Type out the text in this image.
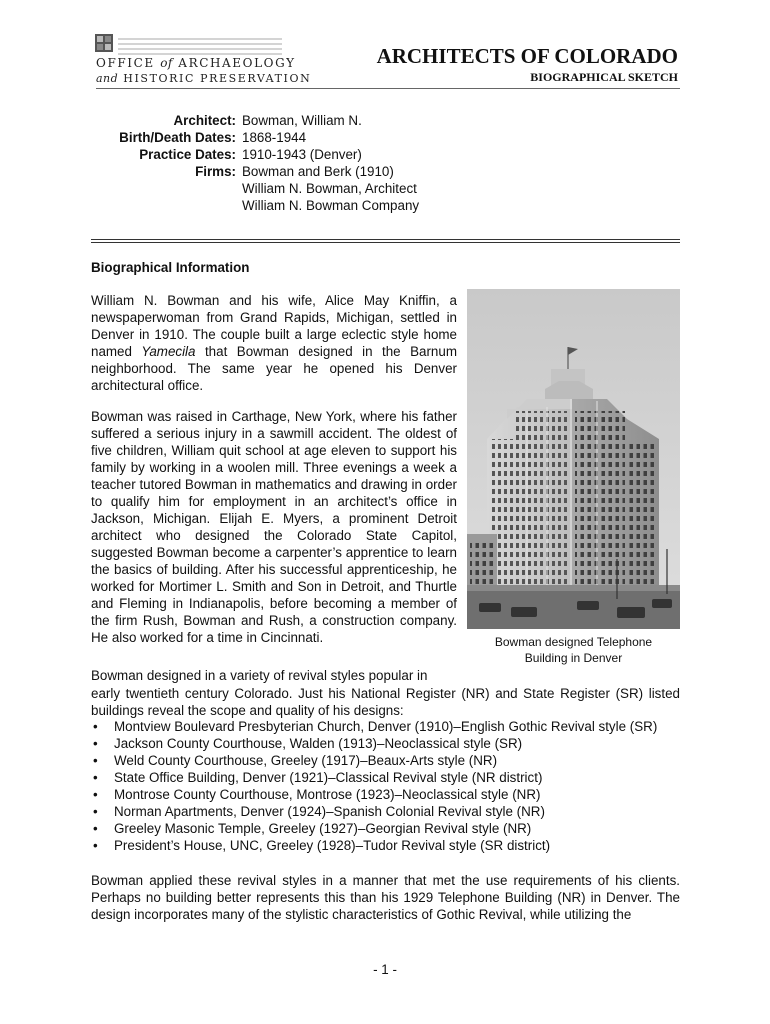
OFFICE of ARCHAEOLOGY
and HISTORIC PRESERVATION
ARCHITECTS OF COLORADO
BIOGRAPHICAL SKETCH
Architect:	Bowman, William N.
Birth/Death Dates:	1868-1944
Practice Dates:	1910-1943 (Denver)
Firms:	Bowman and Berk (1910)
	William N. Bowman, Architect
	William N. Bowman Company
Biographical Information
William N. Bowman and his wife, Alice May Kniffin, a newspaperwoman from Grand Rapids, Michigan, settled in Denver in 1910. The couple built a large eclectic style home named Yamecila that Bowman designed in the Barnum neighborhood. The same year he opened his Denver architectural office.
Bowman was raised in Carthage, New York, where his father suffered a serious injury in a sawmill accident. The oldest of five children, William quit school at age eleven to support his family by working in a woolen mill. Three evenings a week a teacher tutored Bowman in mathematics and drawing in order to qualify him for employment in an architect’s office in Jackson, Michigan. Elijah E. Myers, a prominent Detroit architect who designed the Colorado State Capitol, suggested Bowman become a carpenter’s apprentice to learn the basics of building. After his successful apprenticeship, he worked for Mortimer L. Smith and Son in Detroit, and Thurtle and Fleming in Indianapolis, before becoming a member of the firm Rush, Bowman and Rush, a construction company. He also worked for a time in Cincinnati.	Bowman designed Telephone
Building in Denver
Bowman designed in a variety of revival styles popular in
early twentieth century Colorado. Just his National Register (NR) and State Register (SR) listed buildings reveal the scope and quality of his designs:
• Montview Boulevard Presbyterian Church, Denver (1910)–English Gothic Revival style (SR)
• Jackson County Courthouse, Walden (1913)–Neoclassical style (SR)
• Weld County Courthouse, Greeley (1917)–Beaux-Arts style (NR)
• State Office Building, Denver (1921)–Classical Revival style (NR district)
• Montrose County Courthouse, Montrose (1923)–Neoclassical style (NR)
• Norman Apartments, Denver (1924)–Spanish Colonial Revival style (NR)
• Greeley Masonic Temple, Greeley (1927)–Georgian Revival style (NR)
• President’s House, UNC, Greeley (1928)–Tudor Revival style (SR district)
Bowman applied these revival styles in a manner that met the use requirements of his clients. Perhaps no building better represents this than his 1929 Telephone Building (NR) in Denver. The design incorporates many of the stylistic characteristics of Gothic Revival, while utilizing the
- 1 -
